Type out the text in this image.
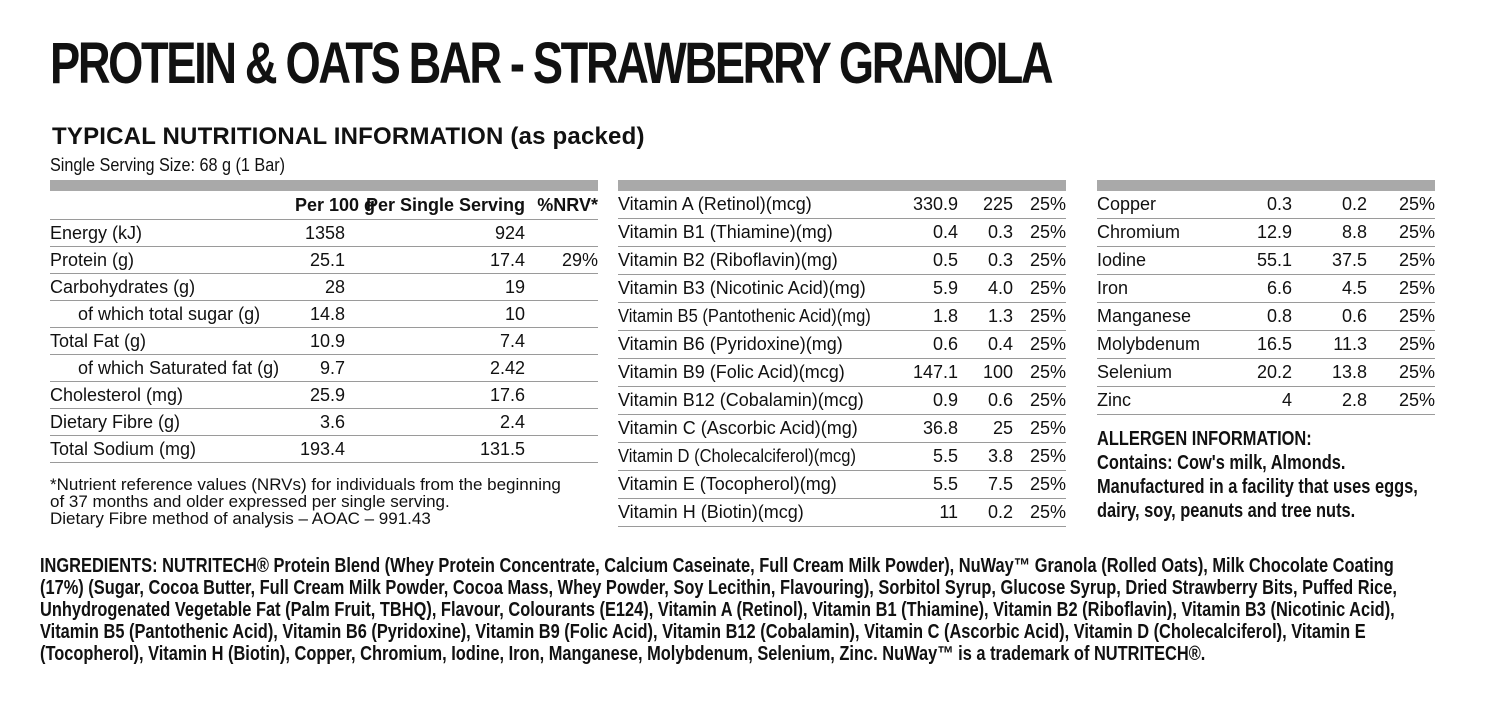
PROTEIN & OATS BAR - STRAWBERRY GRANOLA
TYPICAL NUTRITIONAL INFORMATION (as packed)
Single Serving Size: 68 g (1 Bar)
	Per 100 g	Per Single Serving	%NRV*
Energy (kJ)	1358	924	
Protein (g)	25.1	17.4	29%
Carbohydrates (g)	28	19	
of which total sugar (g)	14.8	10	
Total Fat (g)	10.9	7.4	
of which Saturated fat (g)	9.7	2.42	
Cholesterol (mg)	25.9	17.6	
Dietary Fibre (g)	3.6	2.4	
Total Sodium (mg)	193.4	131.5	
*Nutrient reference values (NRVs) for individuals from the beginning
of 37 months and older expressed per single serving.
Dietary Fibre method of analysis – AOAC – 991.43
Vitamin A (Retinol)(mcg)	330.9	225	25%
Vitamin B1 (Thiamine)(mg)	0.4	0.3	25%
Vitamin B2 (Riboflavin)(mg)	0.5	0.3	25%
Vitamin B3 (Nicotinic Acid)(mg)	5.9	4.0	25%
Vitamin B5 (Pantothenic Acid)(mg)	1.8	1.3	25%
Vitamin B6 (Pyridoxine)(mg)	0.6	0.4	25%
Vitamin B9 (Folic Acid)(mcg)	147.1	100	25%
Vitamin B12 (Cobalamin)(mcg)	0.9	0.6	25%
Vitamin C (Ascorbic Acid)(mg)	36.8	25	25%
Vitamin D (Cholecalciferol)(mcg)	5.5	3.8	25%
Vitamin E (Tocopherol)(mg)	5.5	7.5	25%
Vitamin H (Biotin)(mcg)	11	0.2	25%
Copper	0.3	0.2	25%
Chromium	12.9	8.8	25%
Iodine	55.1	37.5	25%
Iron	6.6	4.5	25%
Manganese	0.8	0.6	25%
Molybdenum	16.5	11.3	25%
Selenium	20.2	13.8	25%
Zinc	4	2.8	25%
ALLERGEN INFORMATION:
Contains: Cow's milk, Almonds.
Manufactured in a facility that uses eggs, dairy, soy, peanuts and tree nuts.
INGREDIENTS: NUTRITECH® Protein Blend (Whey Protein Concentrate, Calcium Caseinate, Full Cream Milk Powder), NuWay™ Granola (Rolled Oats), Milk Chocolate Coating (17%) (Sugar, Cocoa Butter, Full Cream Milk Powder, Cocoa Mass, Whey Powder, Soy Lecithin, Flavouring), Sorbitol Syrup, Glucose Syrup, Dried Strawberry Bits, Puffed Rice, Unhydrogenated Vegetable Fat (Palm Fruit, TBHQ), Flavour, Colourants (E124), Vitamin A (Retinol), Vitamin B1 (Thiamine), Vitamin B2 (Riboflavin), Vitamin B3 (Nicotinic Acid), Vitamin B5 (Pantothenic Acid), Vitamin B6 (Pyridoxine), Vitamin B9 (Folic Acid), Vitamin B12 (Cobalamin), Vitamin C (Ascorbic Acid), Vitamin D (Cholecalciferol), Vitamin E (Tocopherol), Vitamin H (Biotin), Copper, Chromium, Iodine, Iron, Manganese, Molybdenum, Selenium, Zinc. NuWay™ is a trademark of NUTRITECH®.
